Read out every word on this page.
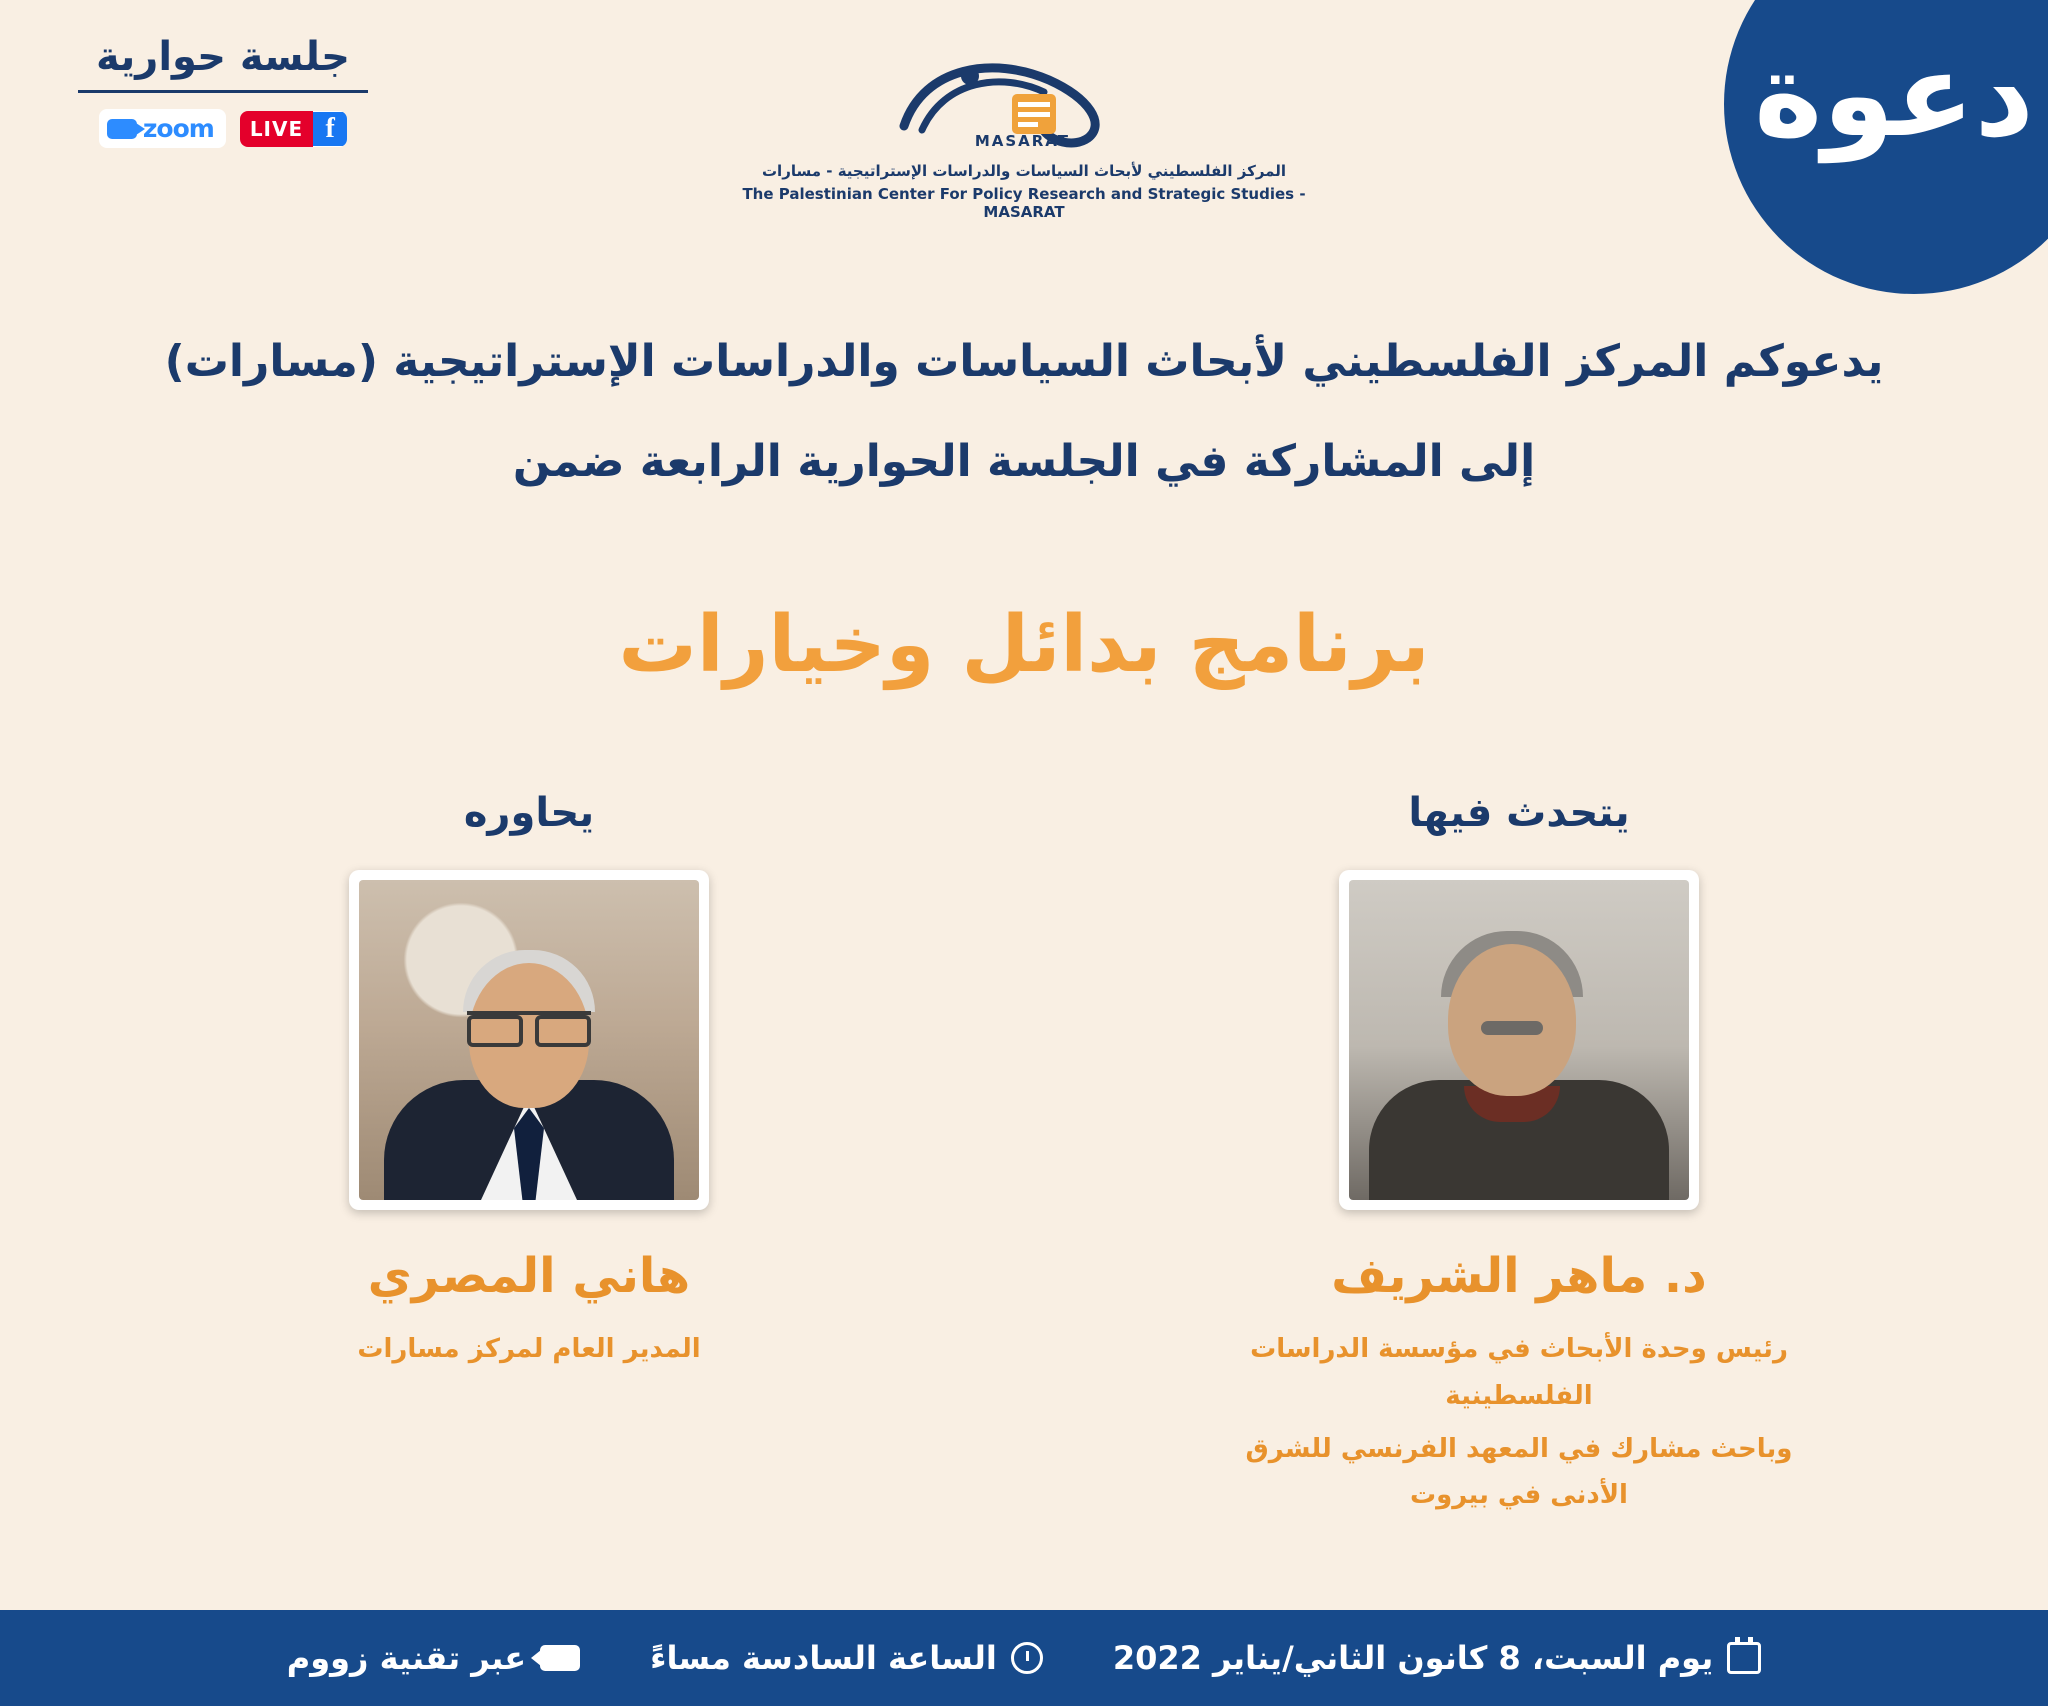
جلسة حوارية
f
LIVE
zoom	MASARAT
المركز الفلسطيني لأبحاث السياسات والدراسات الإستراتيجية - مسارات
The Palestinian Center For Policy Research and Strategic Studies - MASARAT
دعوة
يدعوكم المركز الفلسطيني لأبحاث السياسات والدراسات الإستراتيجية (مسارات)
إلى المشاركة في الجلسة الحوارية الرابعة ضمن
برنامج بدائل وخيارات
يتحدث فيها
د. ماهر الشريف
رئيس وحدة الأبحاث في مؤسسة الدراسات الفلسطينية
وباحث مشارك في المعهد الفرنسي للشرق الأدنى في بيروت
يحاوره
هاني المصري
المدير العام لمركز مسارات
يوم السبت، 8 كانون الثاني/يناير 2022
الساعة السادسة مساءً
عبر تقنية زووم
